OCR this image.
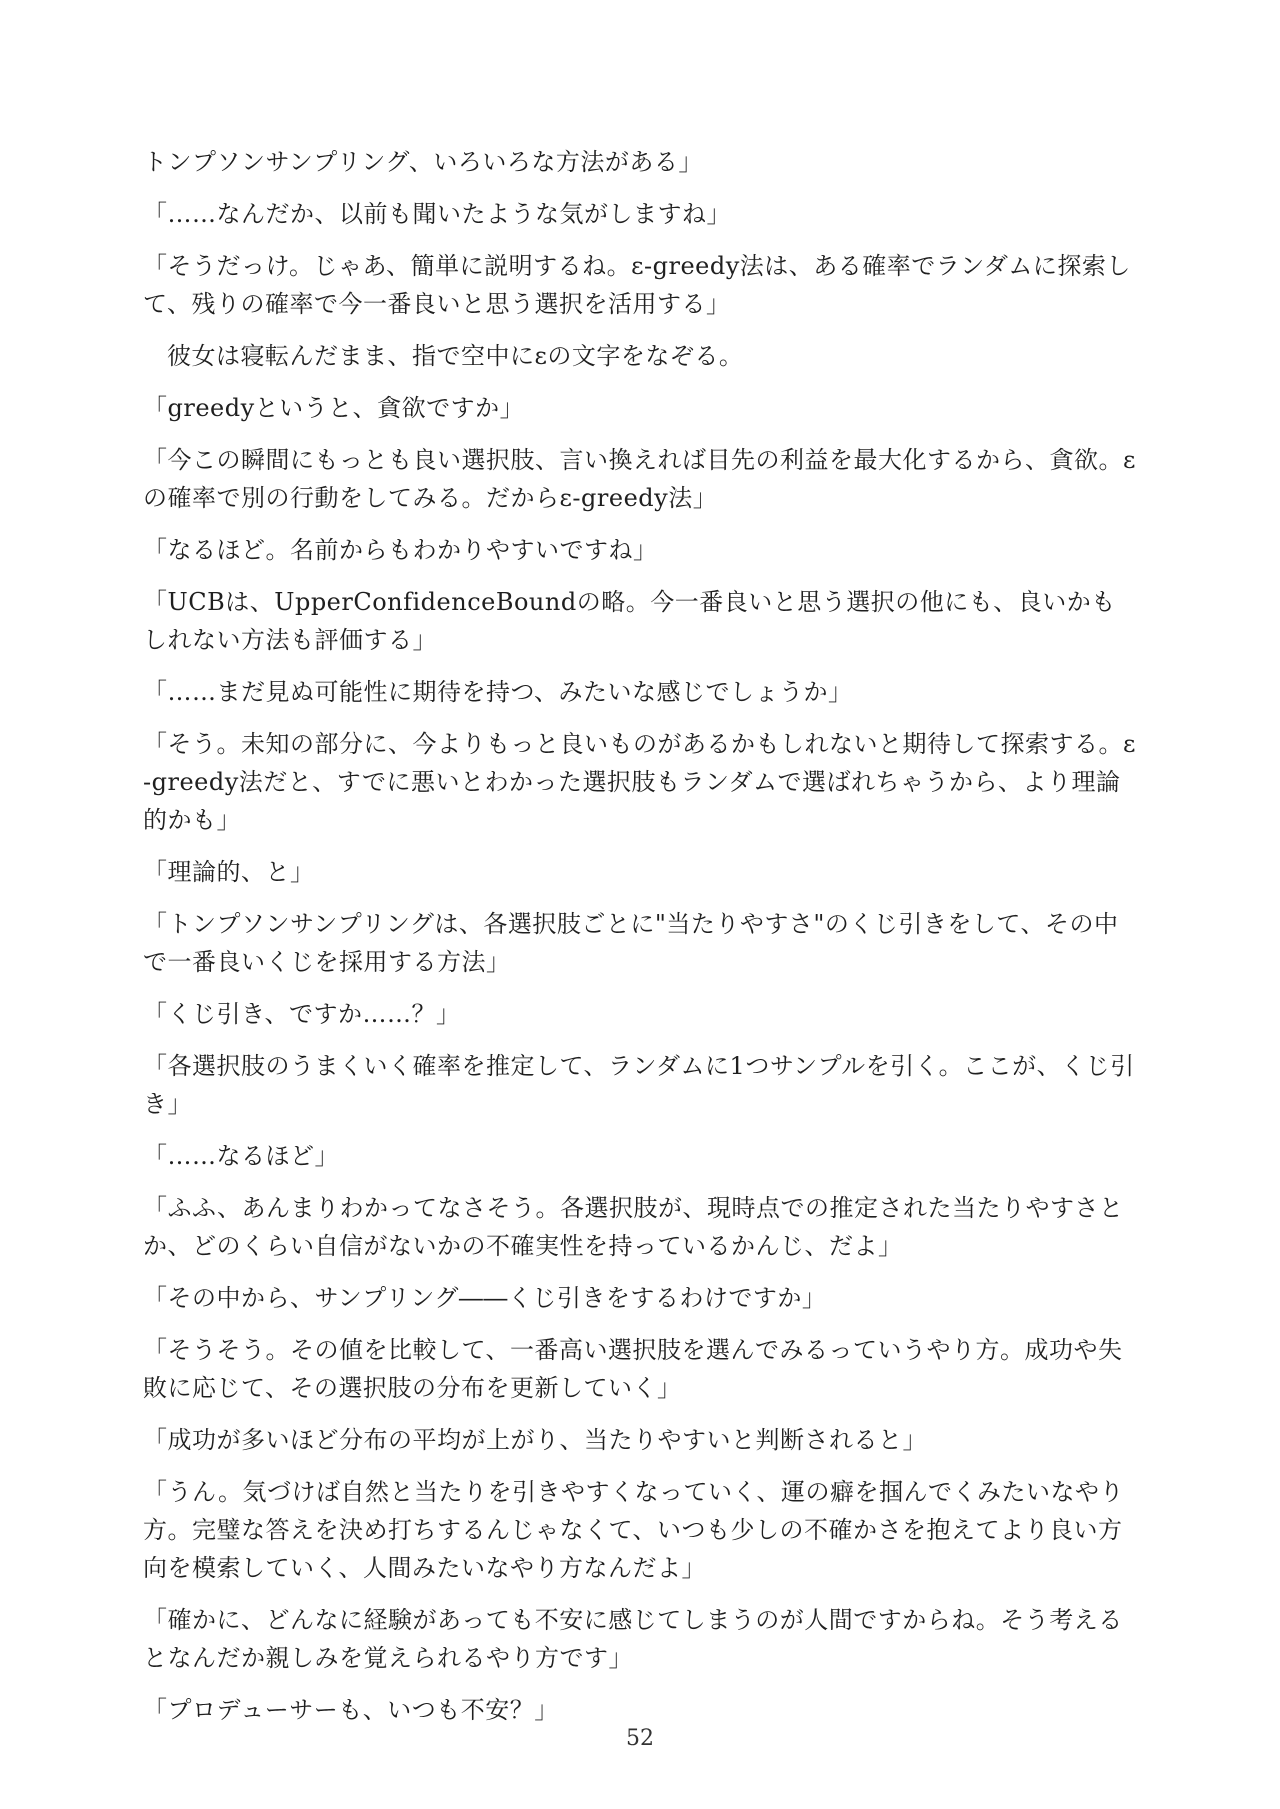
トンプソンサンプリング、いろいろな方法がある」

「……なんだか、以前も聞いたような気がしますね」

「そうだっけ。じゃあ、簡単に説明するね。ε-greedy法は、ある確率でランダムに探索して、残りの確率で今一番良いと思う選択を活用する」

彼女は寝転んだまま、指で空中にεの文字をなぞる。

「greedyというと、貪欲ですか」

「今この瞬間にもっとも良い選択肢、言い換えれば目先の利益を最大化するから、貪欲。εの確率で別の行動をしてみる。だからε-greedy法」

「なるほど。名前からもわかりやすいですね」

「UCBは、UpperConfidenceBoundの略。今一番良いと思う選択の他にも、良いかもしれない方法も評価する」

「……まだ見ぬ可能性に期待を持つ、みたいな感じでしょうか」

「そう。未知の部分に、今よりもっと良いものがあるかもしれないと期待して探索する。ε-greedy法だと、すでに悪いとわかった選択肢もランダムで選ばれちゃうから、より理論的かも」

「理論的、と」

「トンプソンサンプリングは、各選択肢ごとに"当たりやすさ"のくじ引きをして、その中で一番良いくじを採用する方法」

「くじ引き、ですか……？」

「各選択肢のうまくいく確率を推定して、ランダムに1つサンプルを引く。ここが、くじ引き」

「……なるほど」

「ふふ、あんまりわかってなさそう。各選択肢が、現時点での推定された当たりやすさとか、どのくらい自信がないかの不確実性を持っているかんじ、だよ」

「その中から、サンプリング――くじ引きをするわけですか」

「そうそう。その値を比較して、一番高い選択肢を選んでみるっていうやり方。成功や失敗に応じて、その選択肢の分布を更新していく」

「成功が多いほど分布の平均が上がり、当たりやすいと判断されると」

「うん。気づけば自然と当たりを引きやすくなっていく、運の癖を掴んでくみたいなやり方。完璧な答えを決め打ちするんじゃなくて、いつも少しの不確かさを抱えてより良い方向を模索していく、人間みたいなやり方なんだよ」

「確かに、どんなに経験があっても不安に感じてしまうのが人間ですからね。そう考えるとなんだか親しみを覚えられるやり方です」

「プロデューサーも、いつも不安？」

52
